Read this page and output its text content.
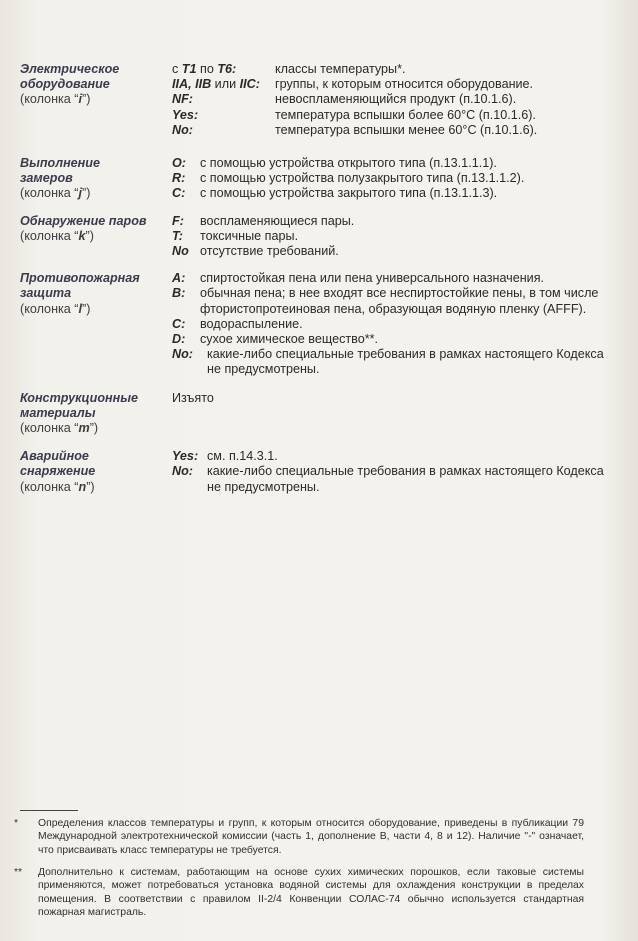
Электрическое
оборудование
(колонка “i”)
с T1 по T6:	классы температуры*.
IIA, IIB или IIC:	группы, к которым относится оборудование.
NF:	невоспламеняющийся продукт (п.10.1.6).
Yes:	температура вспышки более 60°С (п.10.1.6).
No:	температура вспышки менее 60°С (п.10.1.6).
Выполнение
замеров
(колонка “j”)
O:	с помощью устройства открытого типа (п.13.1.1.1).
R:	с помощью устройства полузакрытого типа (п.13.1.1.2).
C:	с помощью устройства закрытого типа (п.13.1.1.3).
Обнаружение паров
(колонка “k”)
F:	воспламеняющиеся пары.
T:	токсичные пары.
No отсутствие требований.
Противопожарная
защита
(колонка “l”)
A:	спиртостойкая пена или пена универсального назначения.
B:	обычная пена; в нее входят все неспиртостойкие пены, в том числе фтористопротеиновая пена, образующая водяную пленку (AFFF).
C:	водораспыление.
D:	сухое химическое вещество**.
No:	какие-либо специальные требования в рамках настоящего Кодекса не предусмотрены.
Конструкционные
материалы
(колонка “m”)
Изъято
Аварийное
снаряжение
(колонка “n”)
Yes: см. п.14.3.1.
No:	какие-либо специальные требования в рамках настоящего Кодекса не предусмотрены.
*	Определения классов температуры и групп, к которым относится оборудование, приведены в публикации 79 Международной электротехнической комиссии (часть 1, дополнение В, части 4, 8 и 12). Наличие "-" означает, что присваивать класс температуры не требуется.
**	Дополнительно к системам, работающим на основе сухих химических порошков, если таковые системы применяются, может потребоваться установка водяной системы для охлаждения конструкции в пределах помещения. В соответствии с правилом II-2/4 Конвенции СОЛАС-74 обычно используется стандартная пожарная магистраль.
